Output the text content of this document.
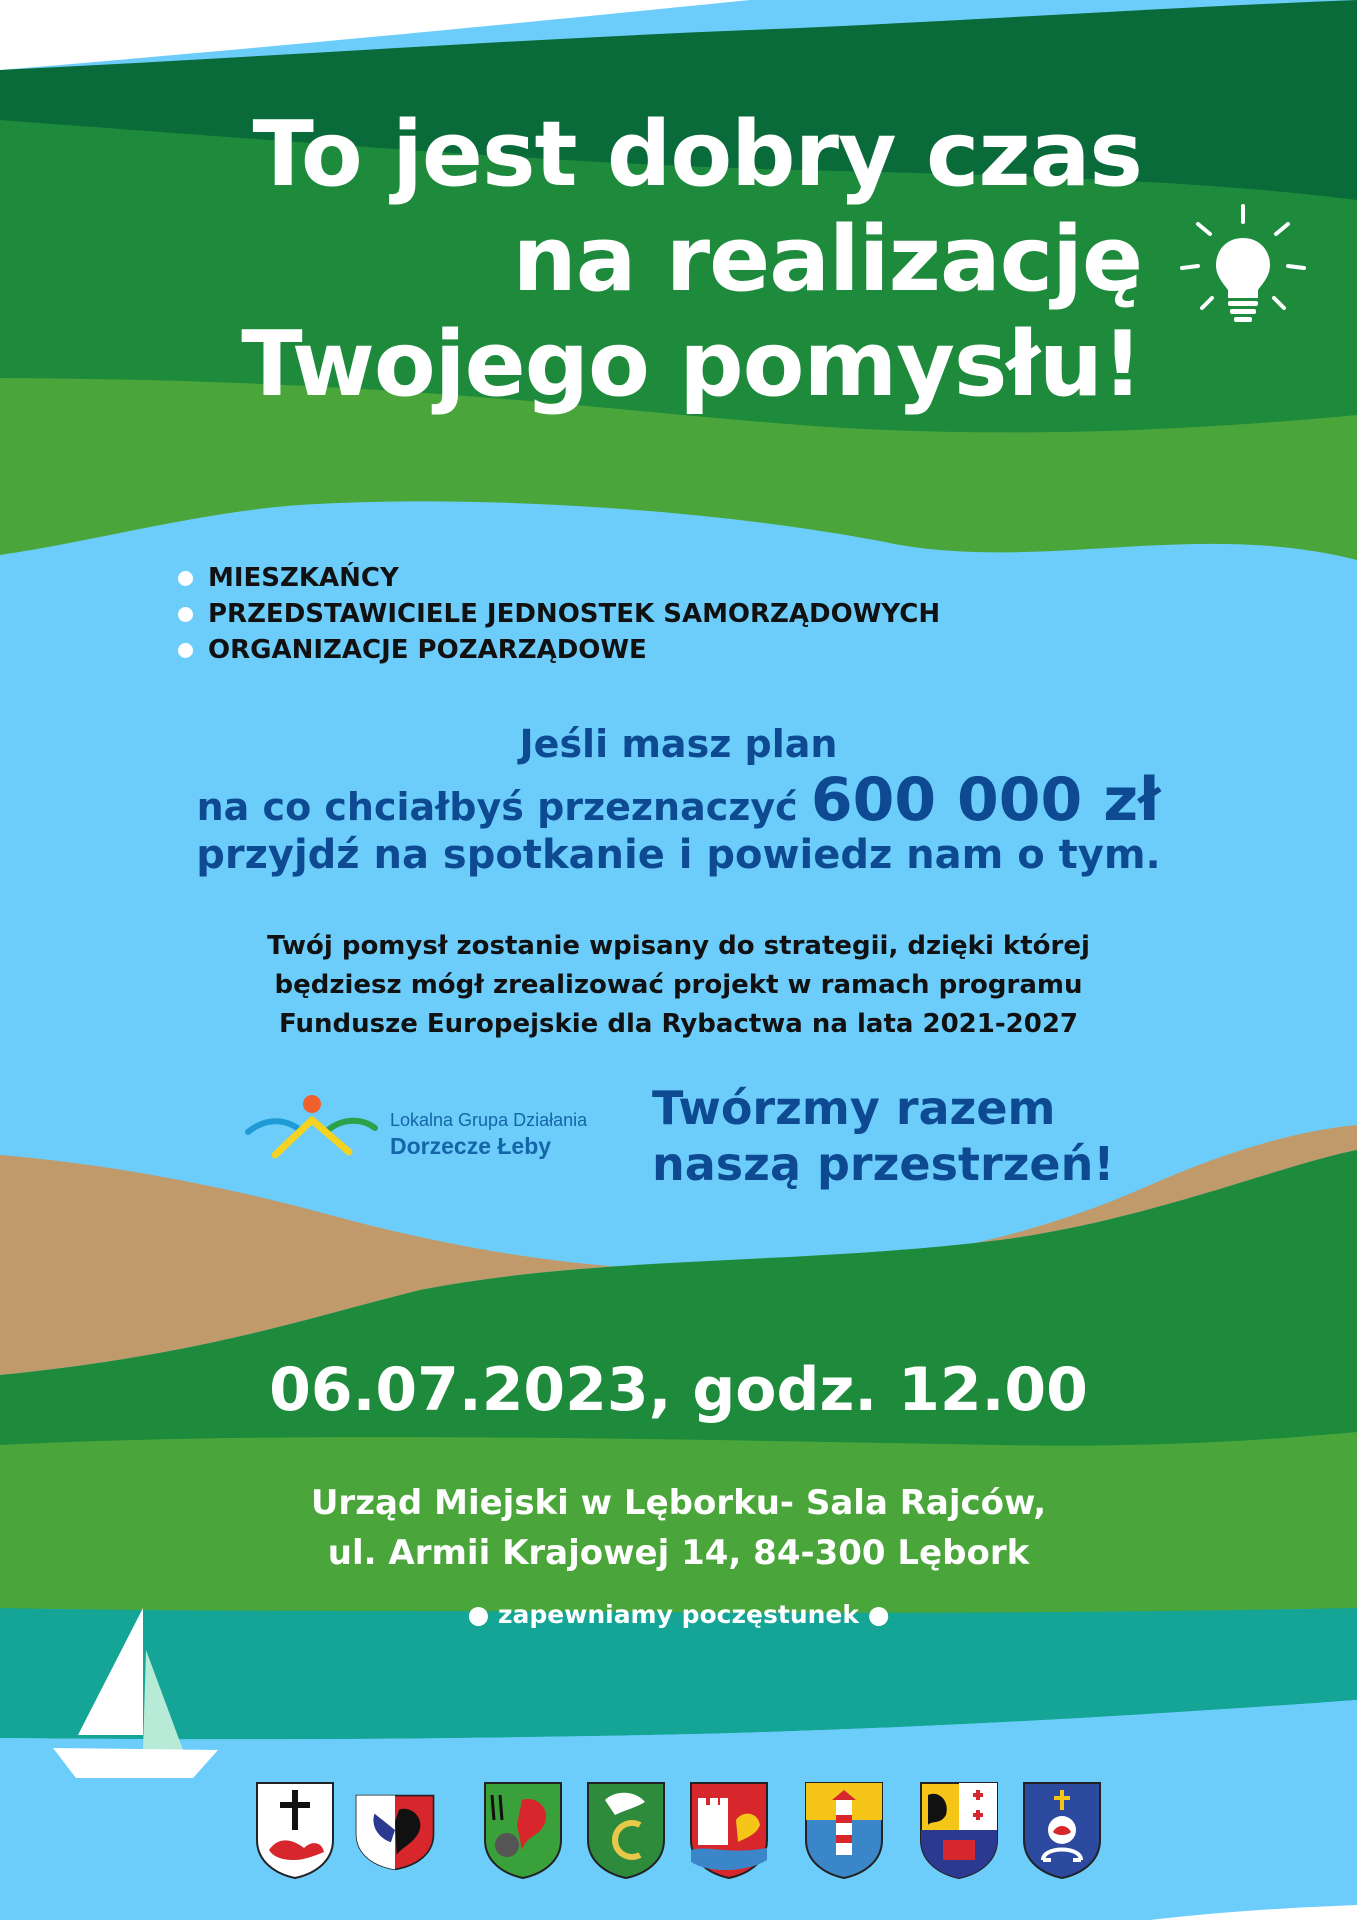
To jest dobry czas
na realizację
Twojego pomysłu!
MIESZKAŃCY
PRZEDSTAWICIELE JEDNOSTEK SAMORZĄDOWYCH
ORGANIZACJE POZARZĄDOWE
Jeśli masz plan
na co chciałbyś przeznaczyć 600 000 zł
przyjdź na spotkanie i powiedz nam o tym.
Twój pomysł zostanie wpisany do strategii, dzięki której
będziesz mógł zrealizować projekt w ramach programu
Fundusze Europejskie dla Rybactwa na lata 2021-2027
Lokalna Grupa Działania
Dorzecze Łeby
Twórzmy razem
naszą przestrzeń!
06.07.2023, godz. 12.00
Urząd Miejski w Lęborku- Sala Rajców,
ul. Armii Krajowej 14, 84-300 Lębork
● zapewniamy poczęstunek ●
